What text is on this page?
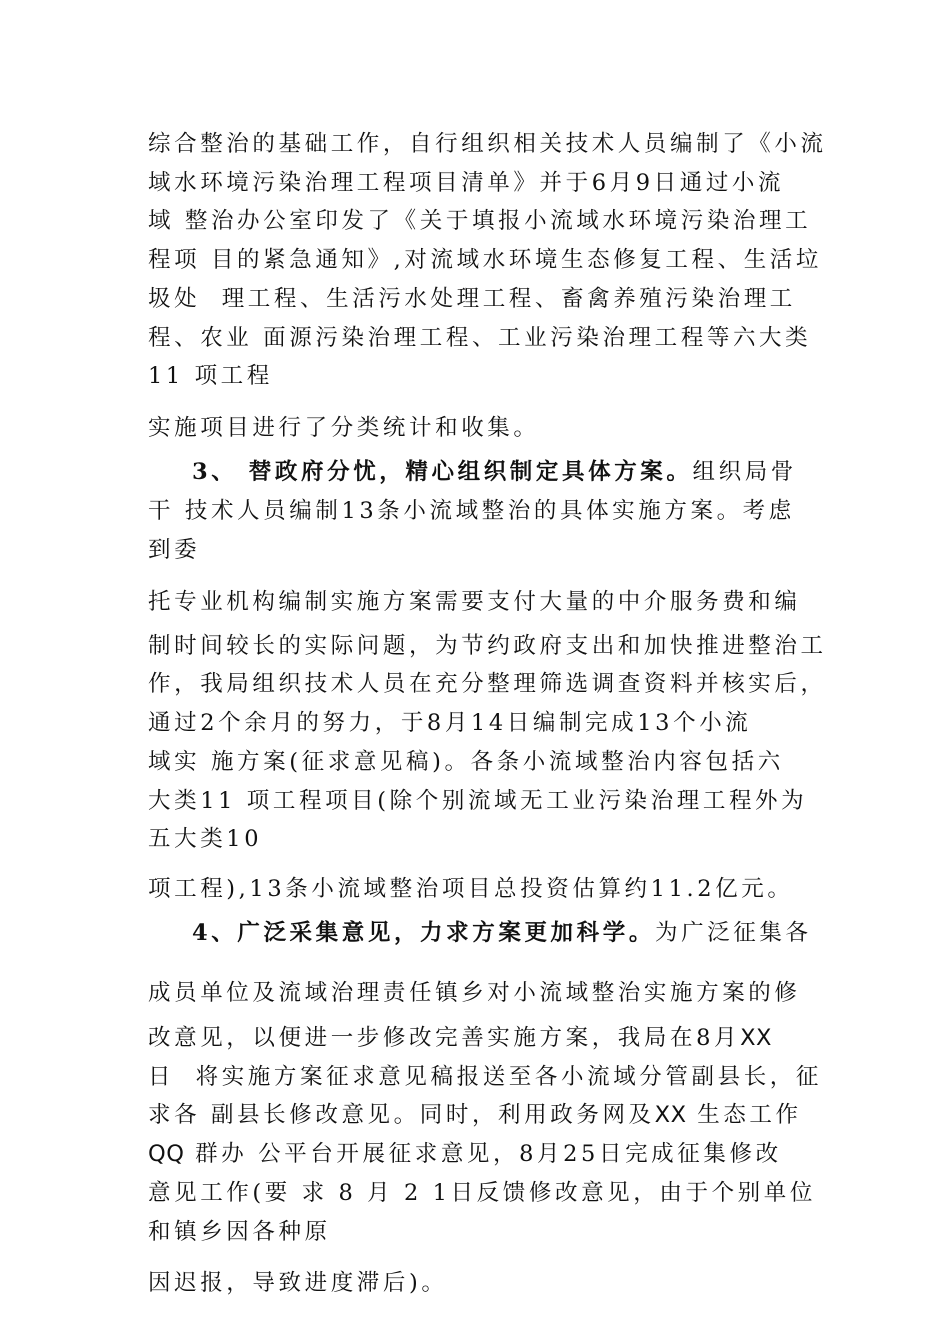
综合整治的基础工作，自行组织相关技术人员编制了《小流
域水环境污染治理工程项目清单》并于6月9日通过小流
域 整治办公室印发了《关于填报小流域水环境污染治理工
程项 目的紧急通知》,对流域水环境生态修复工程、生活垃
圾处  理工程、生活污水处理工程、畜禽养殖污染治理工
程、农业 面源污染治理工程、工业污染治理工程等六大类
11 项工程
实施项目进行了分类统计和收集。
3、 替政府分忧，精心组织制定具体方案。组织局骨
干 技术人员编制13条小流域整治的具体实施方案。考虑
到委
托专业机构编制实施方案需要支付大量的中介服务费和编
制时间较长的实际问题，为节约政府支出和加快推进整治工
作，我局组织技术人员在充分整理筛选调查资料并核实后，
通过2个余月的努力，于8月14日编制完成13个小流
域实 施方案(征求意见稿)。各条小流域整治内容包括六
大类11 项工程项目(除个别流域无工业污染治理工程外为
五大类10
项工程),13条小流域整治项目总投资估算约11.2亿元。
4、广泛采集意见，力求方案更加科学。为广泛征集各
成员单位及流域治理责任镇乡对小流域整治实施方案的修
改意见，以便进一步修改完善实施方案，我局在8月XX
日  将实施方案征求意见稿报送至各小流域分管副县长，征
求各 副县长修改意见。同时，利用政务网及XX 生态工作
QQ 群办 公平台开展征求意见，8月25日完成征集修改
意见工作(要 求 8 月 2 1日反馈修改意见，由于个别单位
和镇乡因各种原
因迟报，导致进度滞后)。
